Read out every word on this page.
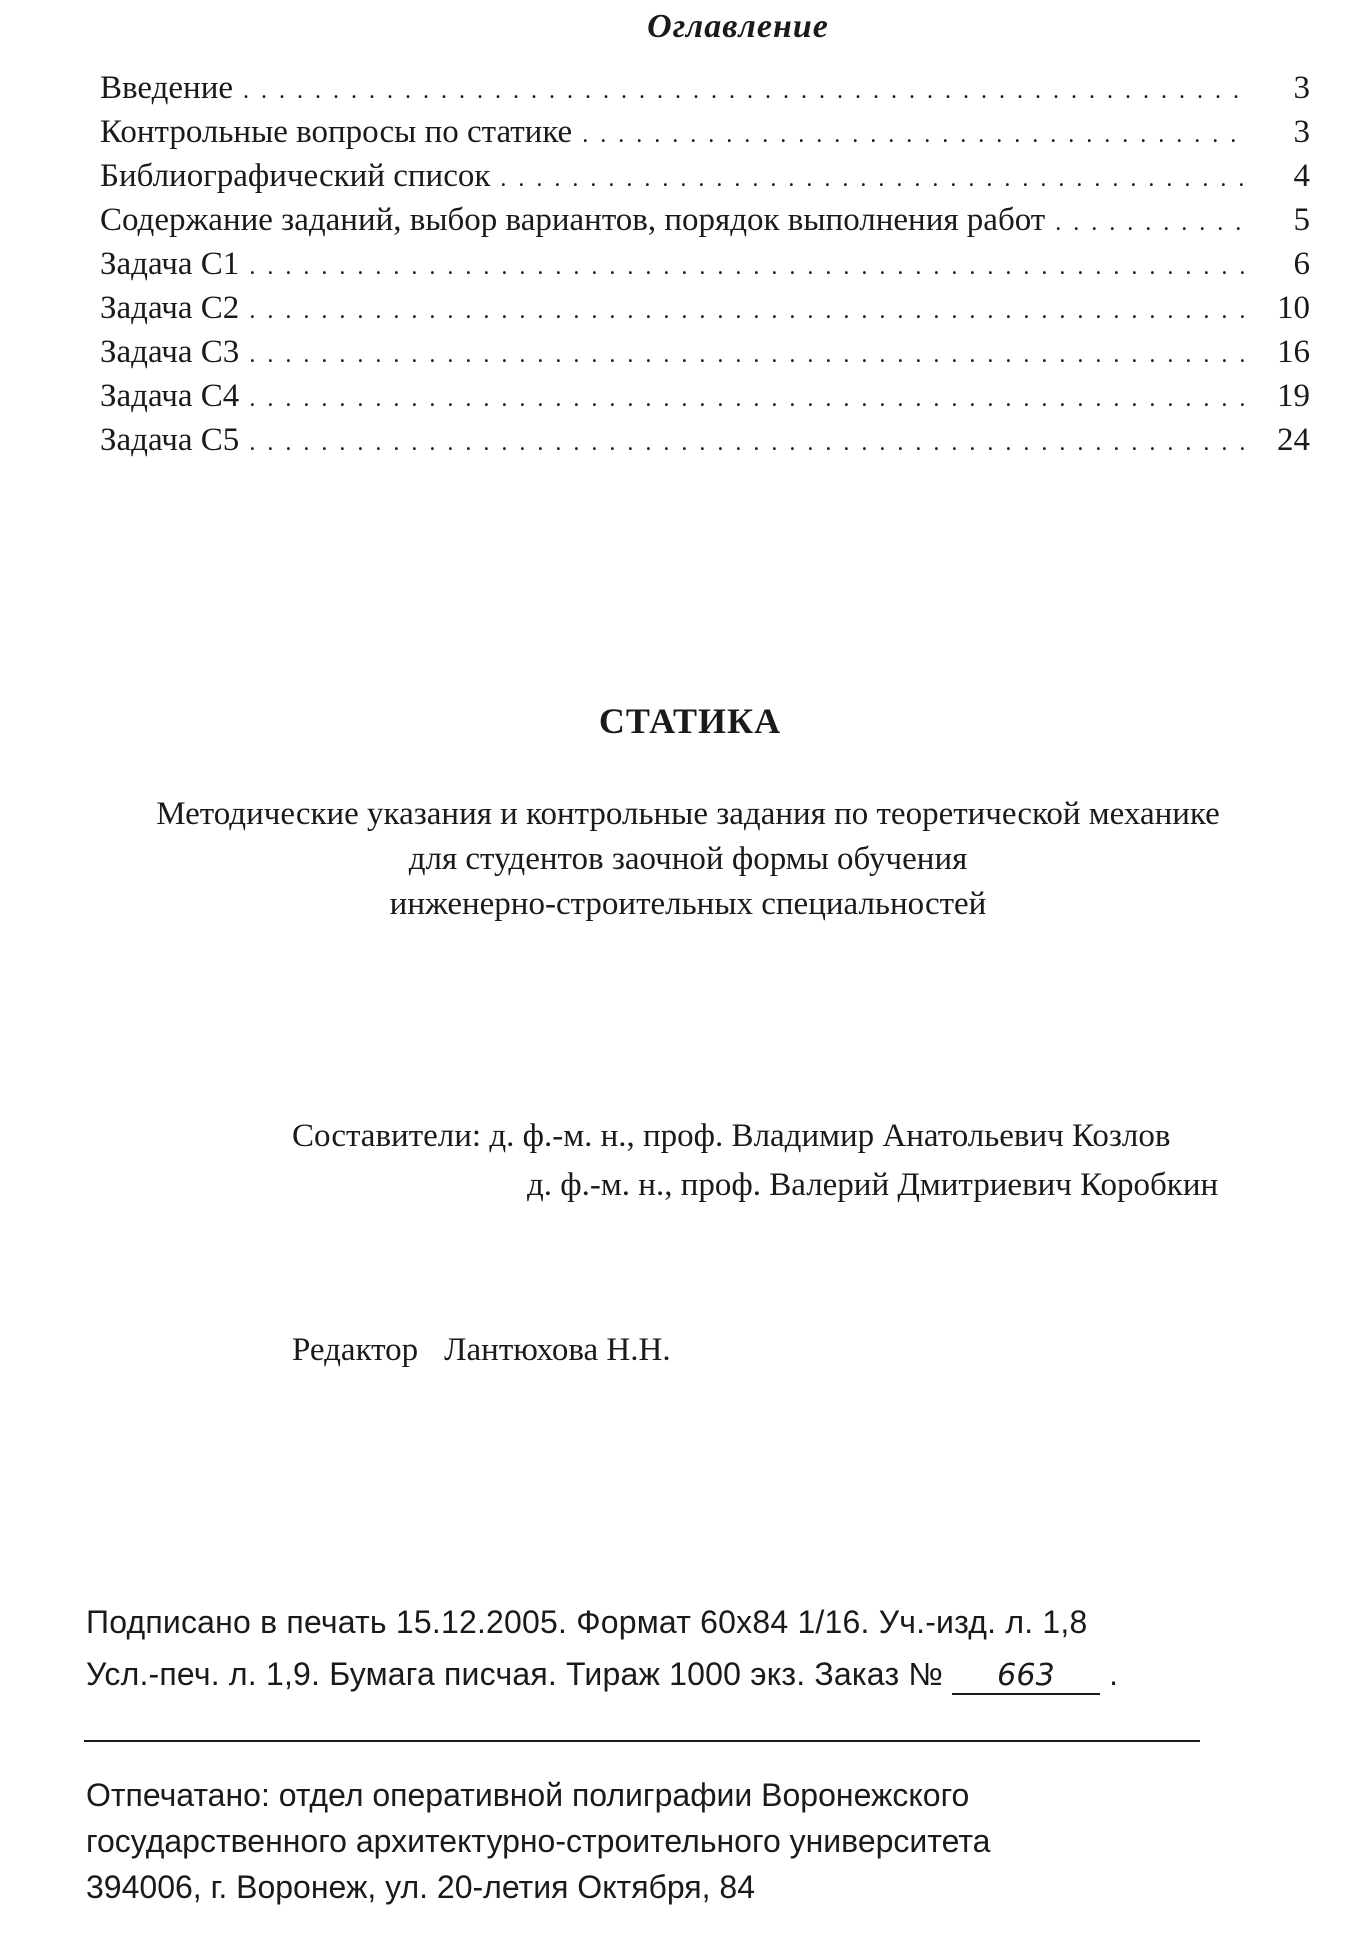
Оглавление
Введение . . .	3
Контрольные вопросы по статике . . .	3
Библиографический список . . .	4
Содержание заданий, выбор вариантов, порядок выполнения работ . . .	5
Задача С1 . . .	6
Задача С2 . . .	10
Задача С3 . . .	16
Задача С4 . . .	19
Задача С5 . . .	24
СТАТИКА
Методические указания и контрольные задания по теоретической механике
для студентов заочной формы обучения
инженерно-строительных специальностей
Составители: д. ф.-м. н., проф. Владимир Анатольевич Козлов
д. ф.-м. н., проф. Валерий Дмитриевич Коробкин
Редактор Лантюхова Н.Н.
Подписано в печать 15.12.2005. Формат 60х84 1/16. Уч.-изд. л. 1,8
Усл.-печ. л. 1,9. Бумага писчая. Тираж 1000 экз. Заказ № 663 .
Отпечатано: отдел оперативной полиграфии Воронежского
государственного архитектурно-строительного университета
394006, г. Воронеж, ул. 20-летия Октября, 84
